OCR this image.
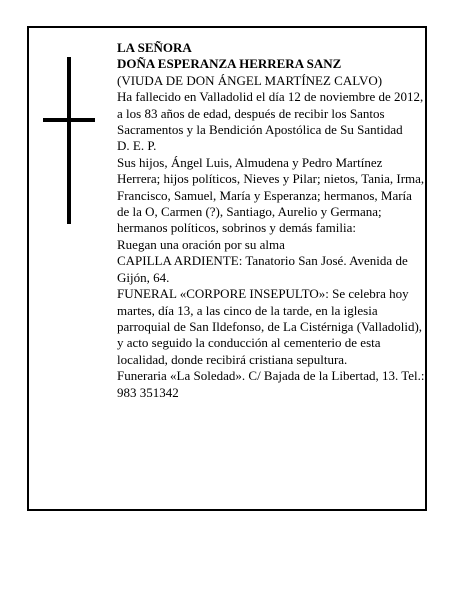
LA SEÑORA

DOÑA ESPERANZA HERRERA SANZ

(VIUDA DE DON ÁNGEL MARTÍNEZ CALVO)

Ha fallecido en Valladolid el día 12 de noviembre de 2012, a los 83 años de edad, después de recibir los Santos Sacramentos y la Bendición Apostólica de Su Santidad

D. E. P.

Sus hijos, Ángel Luis, Almudena y Pedro Martínez Herrera; hijos políticos, Nieves y Pilar; nietos, Tania, Irma, Francisco, Samuel, María y Esperanza; hermanos, María de la O, Carmen (?), Santiago, Aurelio y Germana; hermanos políticos, sobrinos y demás familia:

Ruegan una oración por su alma

CAPILLA ARDIENTE: Tanatorio San José. Avenida de Gijón, 64.

FUNERAL «CORPORE INSEPULTO»: Se celebra hoy martes, día 13, a las cinco de la tarde, en la iglesia parroquial de San Ildefonso, de La Cistérniga (Valladolid), y acto seguido la conducción al cementerio de esta localidad, donde recibirá cristiana sepultura.

Funeraria «La Soledad». C/ Bajada de la Libertad, 13. Tel.: 983 351342
